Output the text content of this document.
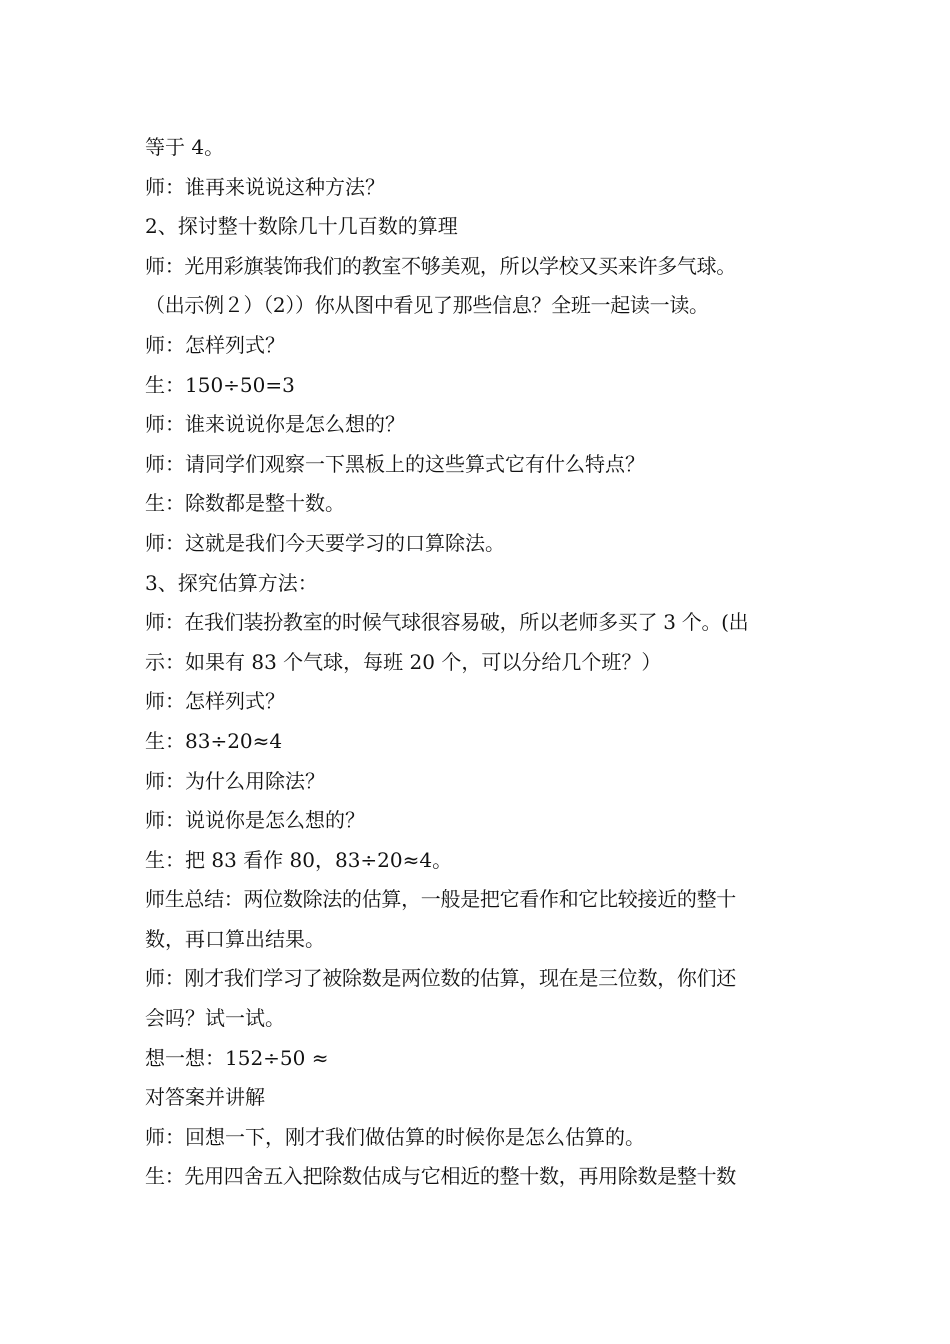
等于 4。
师：谁再来说说这种方法？
2、探讨整十数除几十几百数的算理
师：光用彩旗装饰我们的教室不够美观，所以学校又买来许多气球。
（出示例２）（2））你从图中看见了那些信息？全班一起读一读。
师：怎样列式？
生：150÷50=3
师：谁来说说你是怎么想的？
师：请同学们观察一下黑板上的这些算式它有什么特点？
生：除数都是整十数。
师：这就是我们今天要学习的口算除法。
3、探究估算方法：
师：在我们装扮教室的时候气球很容易破，所以老师多买了 3 个。(出
示：如果有 83 个气球，每班 20 个，可以分给几个班？）
师：怎样列式？
生：83÷20≈4
师：为什么用除法？
师：说说你是怎么想的？
生：把 83 看作 80，83÷20≈4。
师生总结：两位数除法的估算，一般是把它看作和它比较接近的整十
数，再口算出结果。
师：刚才我们学习了被除数是两位数的估算，现在是三位数，你们还
会吗？试一试。
想一想：152÷50 ≈
对答案并讲解
师：回想一下，刚才我们做估算的时候你是怎么估算的。
生：先用四舍五入把除数估成与它相近的整十数，再用除数是整十数
